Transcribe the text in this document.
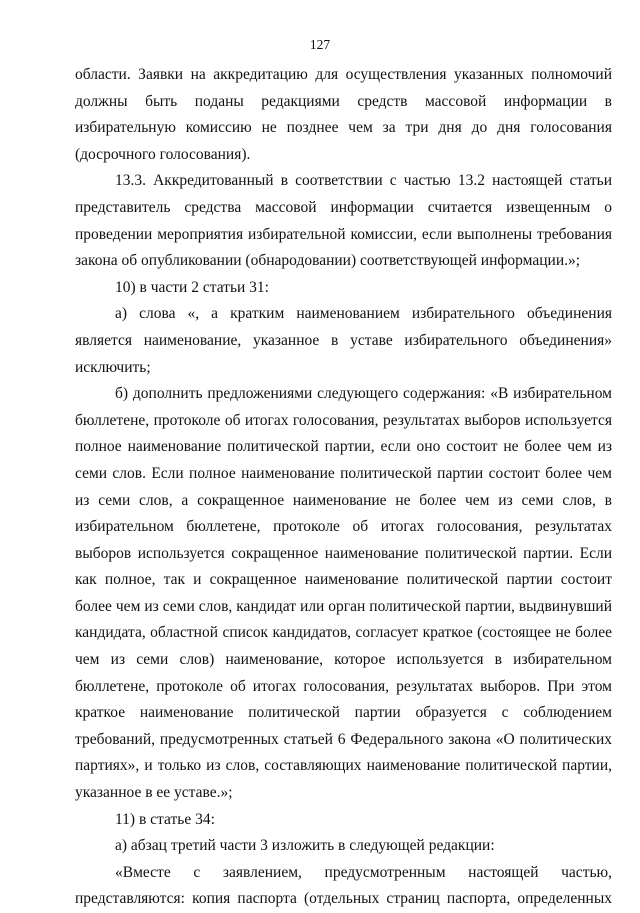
127

области. Заявки на аккредитацию для осуществления указанных полномочий должны быть поданы редакциями средств массовой информации в избирательную комиссию не позднее чем за три дня до дня голосования (досрочного голосования).

13.3. Аккредитованный в соответствии с частью 13.2 настоящей статьи представитель средства массовой информации считается извещенным о проведении мероприятия избирательной комиссии, если выполнены требования закона об опубликовании (обнародовании) соответствующей информации.»;

10) в части 2 статьи 31:

а) слова «, а кратким наименованием избирательного объединения является наименование, указанное в уставе избирательного объединения» исключить;

б) дополнить предложениями следующего содержания: «В избирательном бюллетене, протоколе об итогах голосования, результатах выборов используется полное наименование политической партии, если оно состоит не более чем из семи слов. Если полное наименование политической партии состоит более чем из семи слов, а сокращенное наименование не более чем из семи слов, в избирательном бюллетене, протоколе об итогах голосования, результатах выборов используется сокращенное наименование политической партии. Если как полное, так и сокращенное наименование политической партии состоит более чем из семи слов, кандидат или орган политической партии, выдвинувший кандидата, областной список кандидатов, согласует краткое (состоящее не более чем из семи слов) наименование, которое используется в избирательном бюллетене, протоколе об итогах голосования, результатах выборов. При этом краткое наименование политической партии образуется с соблюдением требований, предусмотренных статьей 6 Федерального закона «О политических партиях», и только из слов, составляющих наименование политической партии, указанное в ее уставе.»;

11) в статье 34:

а) абзац третий части 3 изложить в следующей редакции:

«Вместе с заявлением, предусмотренным настоящей частью, представляются: копия паспорта (отдельных страниц паспорта, определенных
